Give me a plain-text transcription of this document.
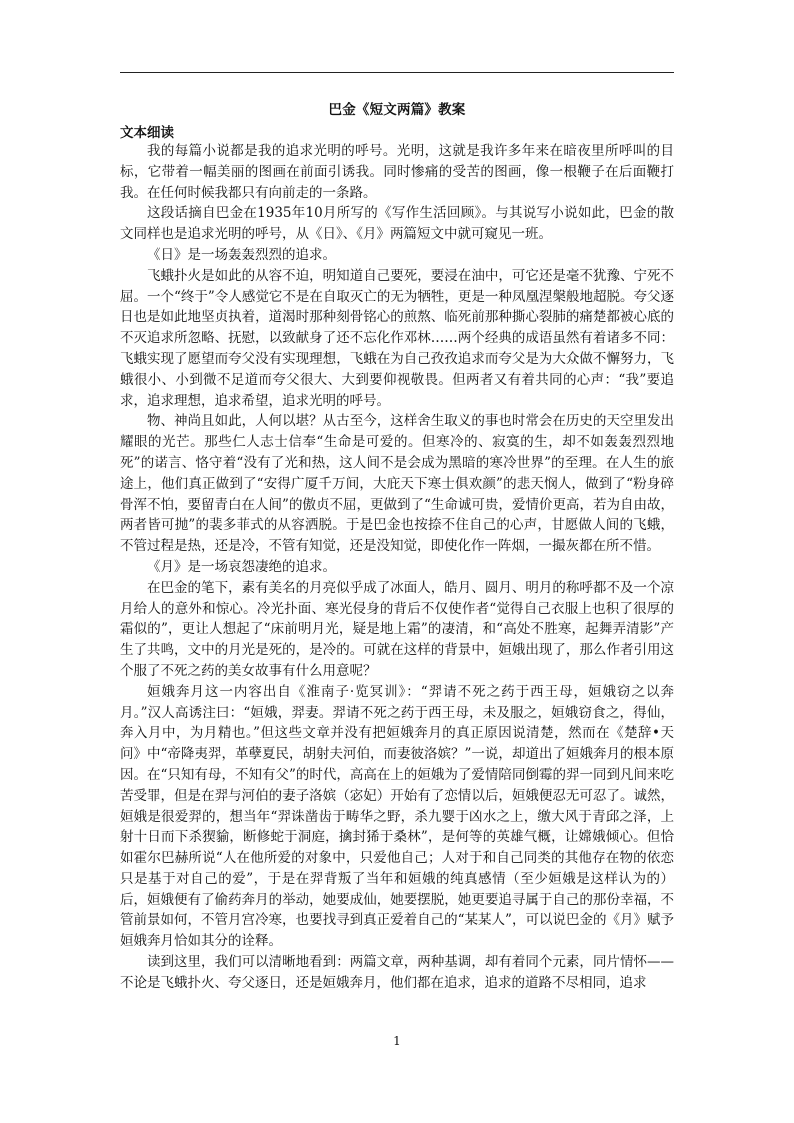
巴金《短文两篇》教案
文本细读

我的每篇小说都是我的追求光明的呼号。光明，这就是我许多年来在暗夜里所呼叫的目标，它带着一幅美丽的图画在前面引诱我。同时惨痛的受苦的图画，像一根鞭子在后面鞭打我。在任何时候我都只有向前走的一条路。

这段话摘自巴金在1935年10月所写的《写作生活回顾》。与其说写小说如此，巴金的散文同样也是追求光明的呼号，从《日》、《月》两篇短文中就可窥见一班。

《日》是一场轰轰烈烈的追求。

飞蛾扑火是如此的从容不迫，明知道自己要死，要浸在油中，可它还是毫不犹豫、宁死不屈。一个“终于”令人感觉它不是在自取灭亡的无为牺牲，更是一种凤凰涅槃般地超脱。夸父逐日也是如此地坚贞执着，道渴时那种刻骨铭心的煎熬、临死前那种撕心裂肺的痛楚都被心底的不灭追求所忽略、抚慰，以致献身了还不忘化作邓林……两个经典的成语虽然有着诸多不同：飞蛾实现了愿望而夸父没有实现理想，飞蛾在为自己孜孜追求而夸父是为大众做不懈努力，飞蛾很小、小到微不足道而夸父很大、大到要仰视敬畏。但两者又有着共同的心声：“我”要追求，追求理想，追求希望，追求光明的呼号。

物、神尚且如此，人何以堪？从古至今，这样舍生取义的事也时常会在历史的天空里发出耀眼的光芒。那些仁人志士信奉“生命是可爱的。但寒冷的、寂寞的生，却不如轰轰烈烈地死”的诺言、恪守着“没有了光和热，这人间不是会成为黑暗的寒冷世界”的至理。在人生的旅途上，他们真正做到了“安得广厦千万间，大庇天下寒士俱欢颜”的悲天悯人，做到了“粉身碎骨浑不怕，要留青白在人间”的傲贞不屈，更做到了“生命诚可贵，爱情价更高，若为自由故，两者皆可抛”的裴多菲式的从容洒脱。于是巴金也按捺不住自己的心声，甘愿做人间的飞蛾，不管过程是热，还是冷，不管有知觉，还是没知觉，即使化作一阵烟，一撮灰都在所不惜。

《月》是一场哀怨凄绝的追求。

在巴金的笔下，素有美名的月亮似乎成了冰面人，皓月、圆月、明月的称呼都不及一个凉月给人的意外和惊心。冷光扑面、寒光侵身的背后不仅使作者“觉得自己衣服上也积了很厚的霜似的”，更让人想起了“床前明月光，疑是地上霜”的凄清，和“高处不胜寒，起舞弄清影”产生了共鸣，文中的月光是死的，是冷的。可就在这样的背景中，姮娥出现了，那么作者引用这个服了不死之药的美女故事有什么用意呢？

姮娥奔月这一内容出自《淮南子·览冥训》：“羿请不死之药于西王母，姮娥窃之以奔月。”汉人高诱注曰：“姮娥，羿妻。羿请不死之药于西王母，未及服之，姮娥窃食之，得仙，奔入月中，为月精也。”但这些文章并没有把姮娥奔月的真正原因说清楚，然而在《楚辞•天问》中“帝降夷羿，革孽夏民，胡射夫河伯，而妻彼洛嫔？”一说，却道出了姮娥奔月的根本原因。在“只知有母，不知有父”的时代，高高在上的姮娥为了爱情陪同倒霉的羿一同到凡间来吃苦受罪，但是在羿与河伯的妻子洛嫔（宓妃）开始有了恋情以后，姮娥便忍无可忍了。诚然，姮娥是很爱羿的，想当年“羿诛凿齿于畴华之野，杀九婴于凶水之上，缴大风于青邱之泽，上射十日而下杀猰貐，断修蛇于洞庭，擒封狶于桑林”，是何等的英雄气概，让嫦娥倾心。但恰如霍尔巴赫所说“人在他所爱的对象中，只爱他自己；人对于和自己同类的其他存在物的依恋只是基于对自己的爱”，于是在羿背叛了当年和姮娥的纯真感情（至少姮娥是这样认为的）后，姮娥便有了偷药奔月的举动，她要成仙，她要摆脱，她更要追寻属于自己的那份幸福，不管前景如何，不管月宫冷寒，也要找寻到真正爱着自己的“某某人”，可以说巴金的《月》赋予姮娥奔月恰如其分的诠释。

读到这里，我们可以清晰地看到：两篇文章，两种基调，却有着同个元素，同片情怀——不论是飞蛾扑火、夸父逐日，还是姮娥奔月，他们都在追求，追求的道路不尽相同，追求

1
